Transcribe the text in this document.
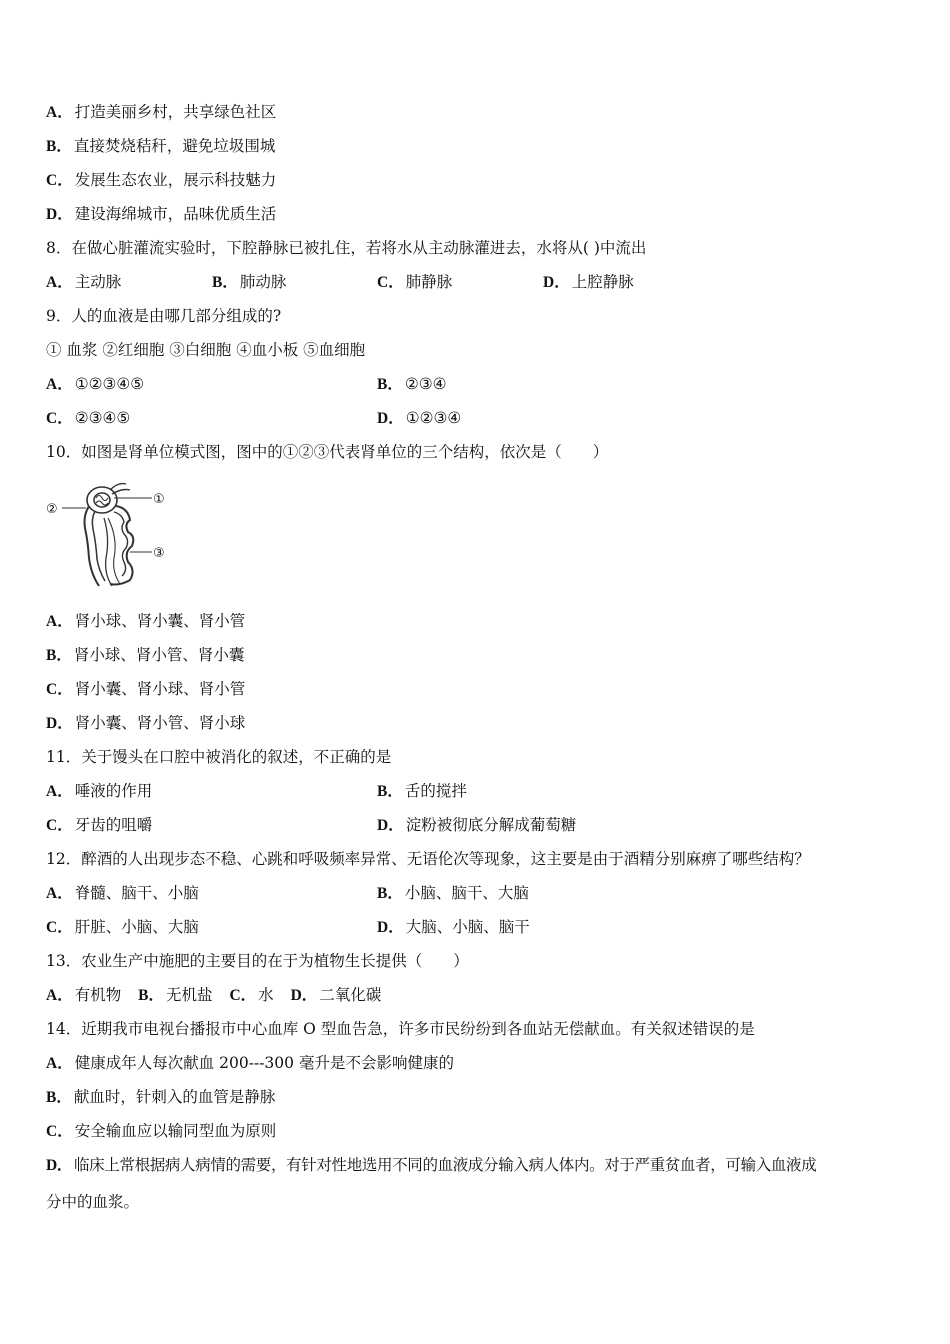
A． 打造美丽乡村，共享绿色社区
B． 直接焚烧秸秆，避免垃圾围城
C． 发展生态农业，展示科技魅力
D． 建设海绵城市，品味优质生活
8．在做心脏灌流实验时，下腔静脉已被扎住，若将水从主动脉灌进去，水将从( )中流出
A． 主动脉	B． 肺动脉	C． 肺静脉	D． 上腔静脉
9．人的血液是由哪几部分组成的?
① 血浆 ②红细胞 ③白细胞 ④血小板 ⑤血细胞
A． ①②③④⑤	B． ②③④
C． ②③④⑤	D． ①②③④
10．如图是肾单位模式图，图中的①②③代表肾单位的三个结构，依次是（　　）
①
②
③
A． 肾小球、肾小囊、肾小管
B． 肾小球、肾小管、肾小囊
C． 肾小囊、肾小球、肾小管
D． 肾小囊、肾小管、肾小球
11．关于馒头在口腔中被消化的叙述，不正确的是
A． 唾液的作用	B． 舌的搅拌
C． 牙齿的咀嚼	D． 淀粉被彻底分解成葡萄糖
12．醉酒的人出现步态不稳、心跳和呼吸频率异常、无语伦次等现象，这主要是由于酒精分别麻痹了哪些结构？
A． 脊髓、脑干、小脑	B． 小脑、脑干、大脑
C． 肝脏、小脑、大脑	D． 大脑、小脑、脑干
13．农业生产中施肥的主要目的在于为植物生长提供（　　）
A． 有机物 B． 无机盐 C． 水 D． 二氧化碳
14．近期我市电视台播报市中心血库 O 型血告急，许多市民纷纷到各血站无偿献血。有关叙述错误的是
A． 健康成年人每次献血 200---300 毫升是不会影响健康的
B． 献血时，针刺入的血管是静脉
C． 安全输血应以输同型血为原则
D． 临床上常根据病人病情的需要，有针对性地选用不同的血液成分输入病人体内。对于严重贫血者，可输入血液成
分中的血浆。
